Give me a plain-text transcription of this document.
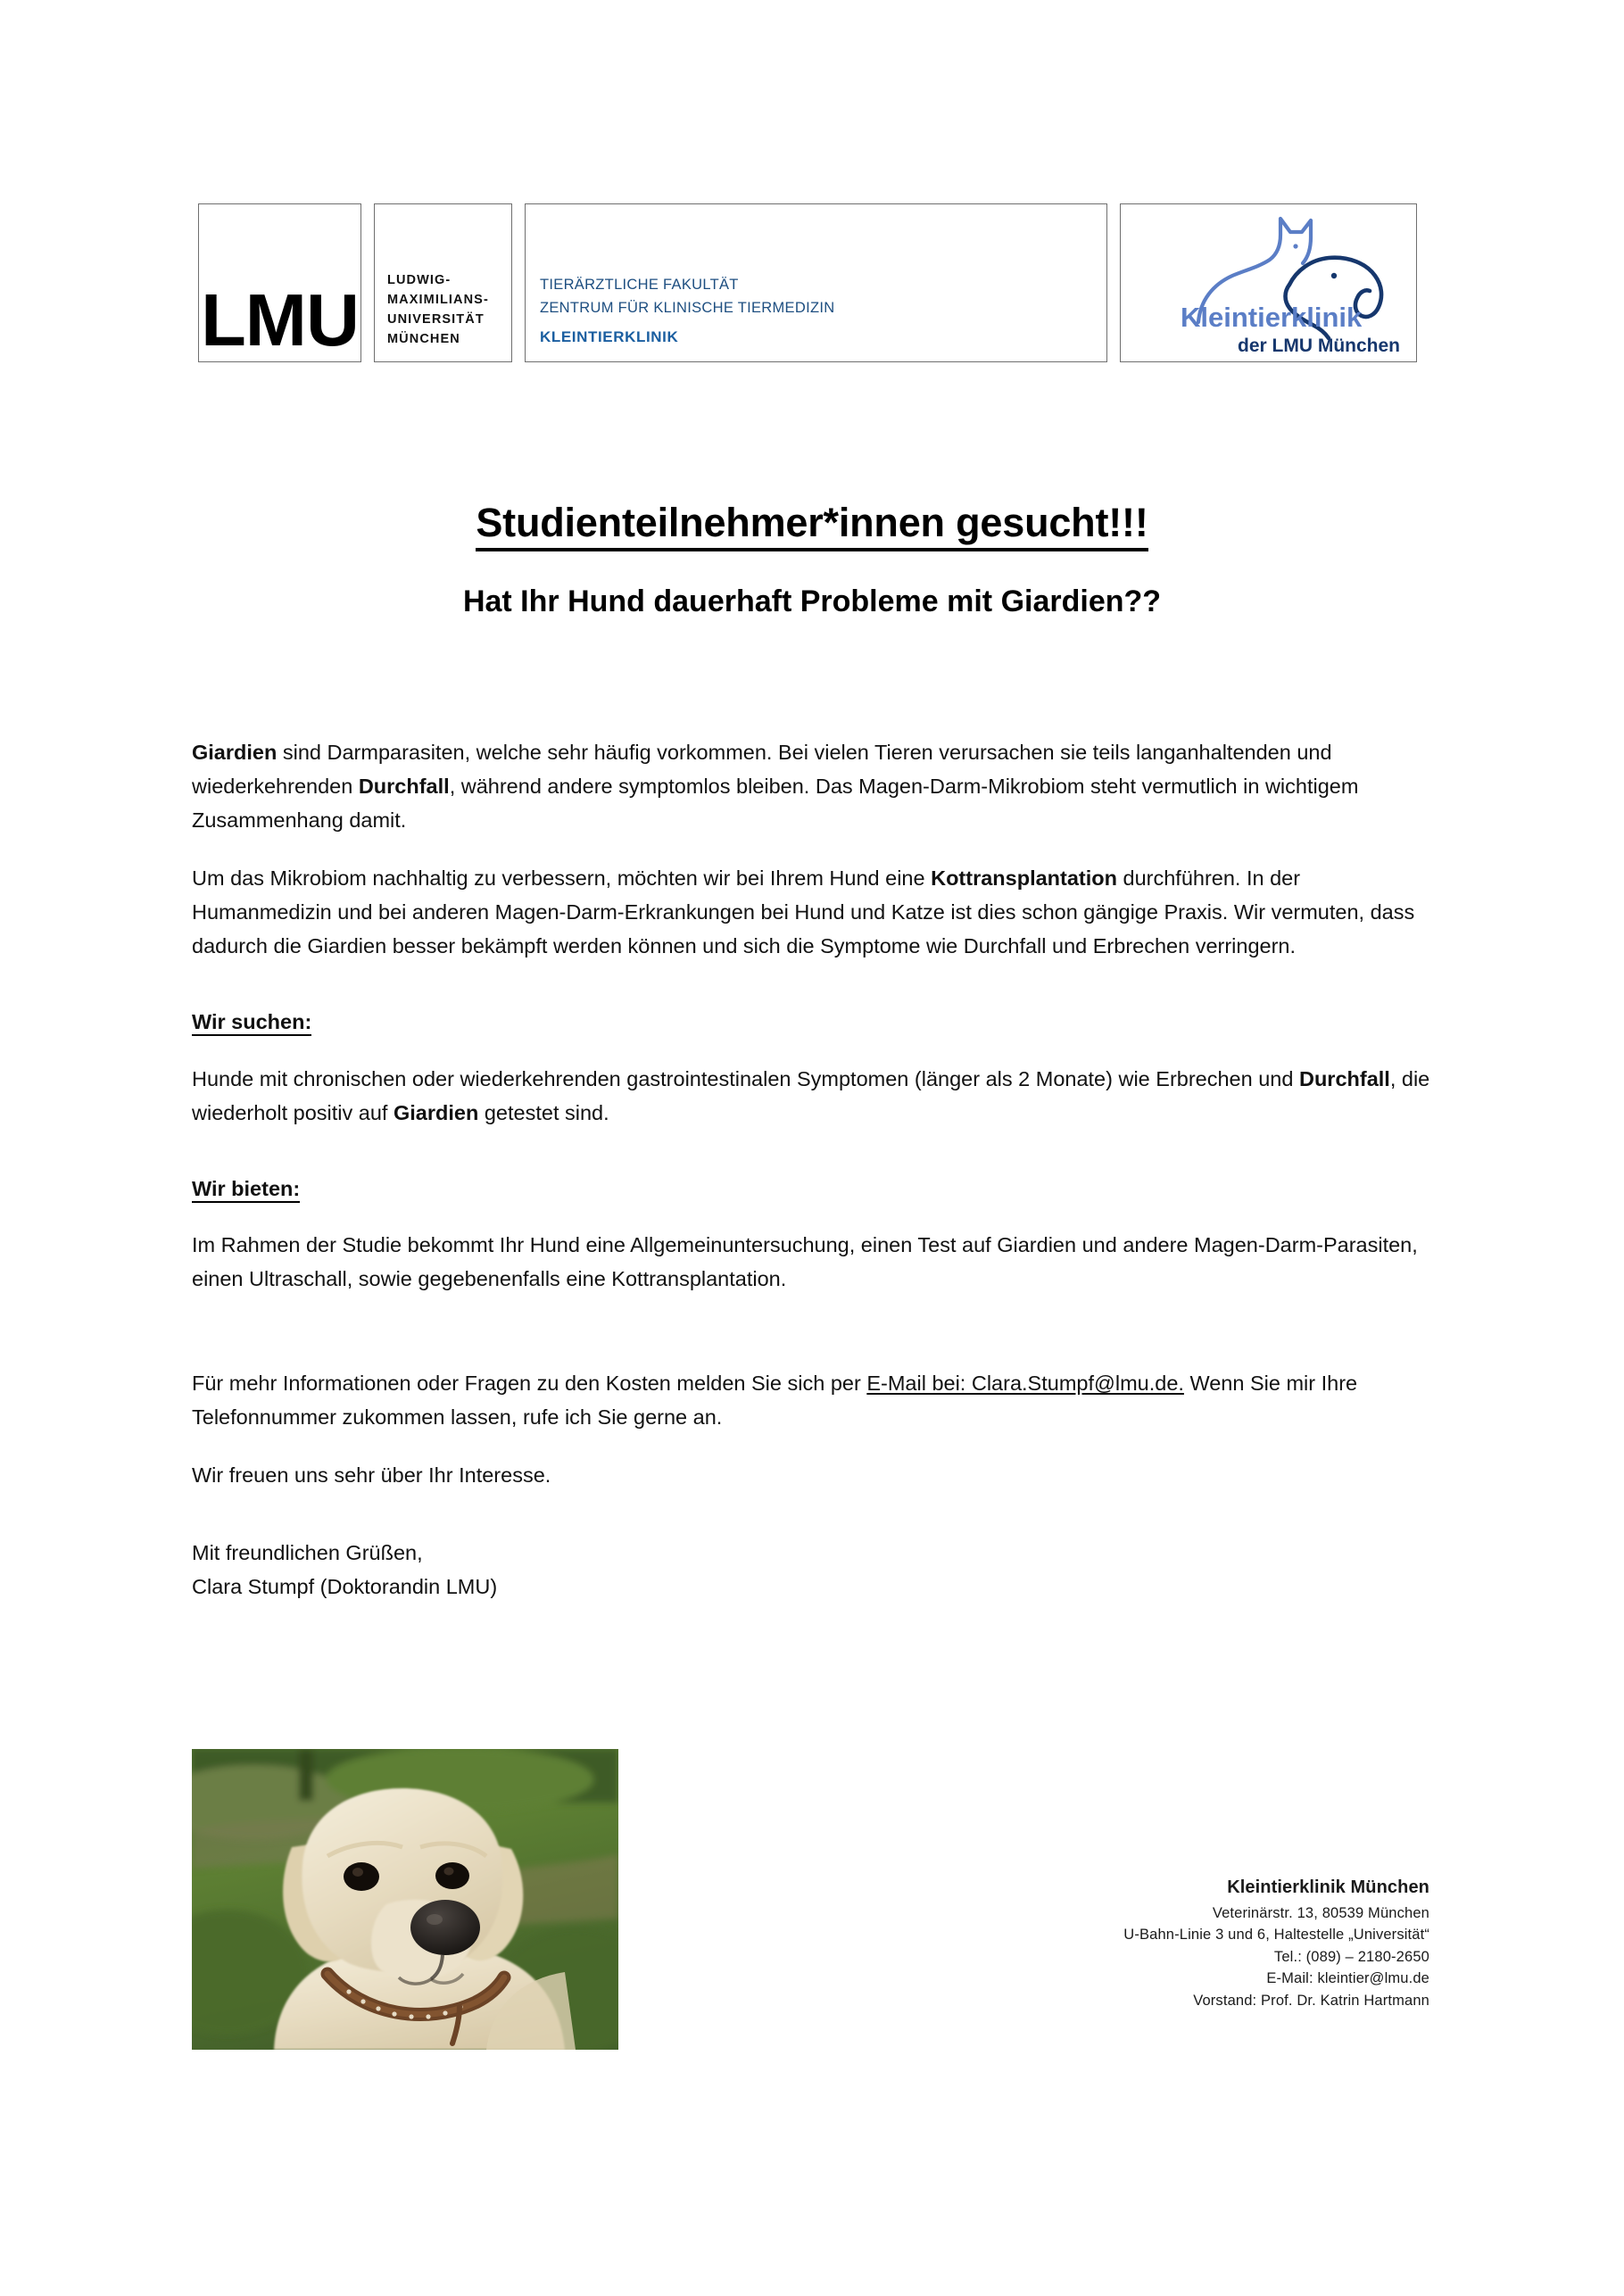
LMU LUDWIG-
MAXIMILIANS-
UNIVERSITÄT
MÜNCHEN
TIERÄRZTLICHE FAKULTÄT
ZENTRUM FÜR KLINISCHE TIERMEDIZIN
KLEINTIERKLINIK
Kleintierklinik
der LMU München
Studienteilnehmer*innen gesucht!!!
Hat Ihr Hund dauerhaft Probleme mit Giardien??

Giardien sind Darmparasiten, welche sehr häufig vorkommen. Bei vielen Tieren verursachen sie teils langanhaltenden und wiederkehrenden Durchfall, während andere symptomlos bleiben. Das Magen-Darm-Mikrobiom steht vermutlich in wichtigem Zusammenhang damit.

Um das Mikrobiom nachhaltig zu verbessern, möchten wir bei Ihrem Hund eine Kottransplantation durchführen. In der Humanmedizin und bei anderen Magen-Darm-Erkrankungen bei Hund und Katze ist dies schon gängige Praxis. Wir vermuten, dass dadurch die Giardien besser bekämpft werden können und sich die Symptome wie Durchfall und Erbrechen verringern.

Wir suchen:

Hunde mit chronischen oder wiederkehrenden gastrointestinalen Symptomen (länger als 2 Monate) wie Erbrechen und Durchfall, die wiederholt positiv auf Giardien getestet sind.

Wir bieten:

Im Rahmen der Studie bekommt Ihr Hund eine Allgemeinuntersuchung, einen Test auf Giardien und andere Magen-Darm-Parasiten, einen Ultraschall, sowie gegebenenfalls eine Kottransplantation.

Für mehr Informationen oder Fragen zu den Kosten melden Sie sich per E-Mail bei: Clara.Stumpf@lmu.de. Wenn Sie mir Ihre Telefonnummer zukommen lassen, rufe ich Sie gerne an.

Wir freuen uns sehr über Ihr Interesse.

Mit freundlichen Grüßen,
Clara Stumpf (Doktorandin LMU)

Kleintierklinik München
Veterinärstr. 13, 80539 München
U-Bahn-Linie 3 und 6, Haltestelle „Universität“
Tel.: (089) – 2180-2650
E-Mail: kleintier@lmu.de
Vorstand: Prof. Dr. Katrin Hartmann
